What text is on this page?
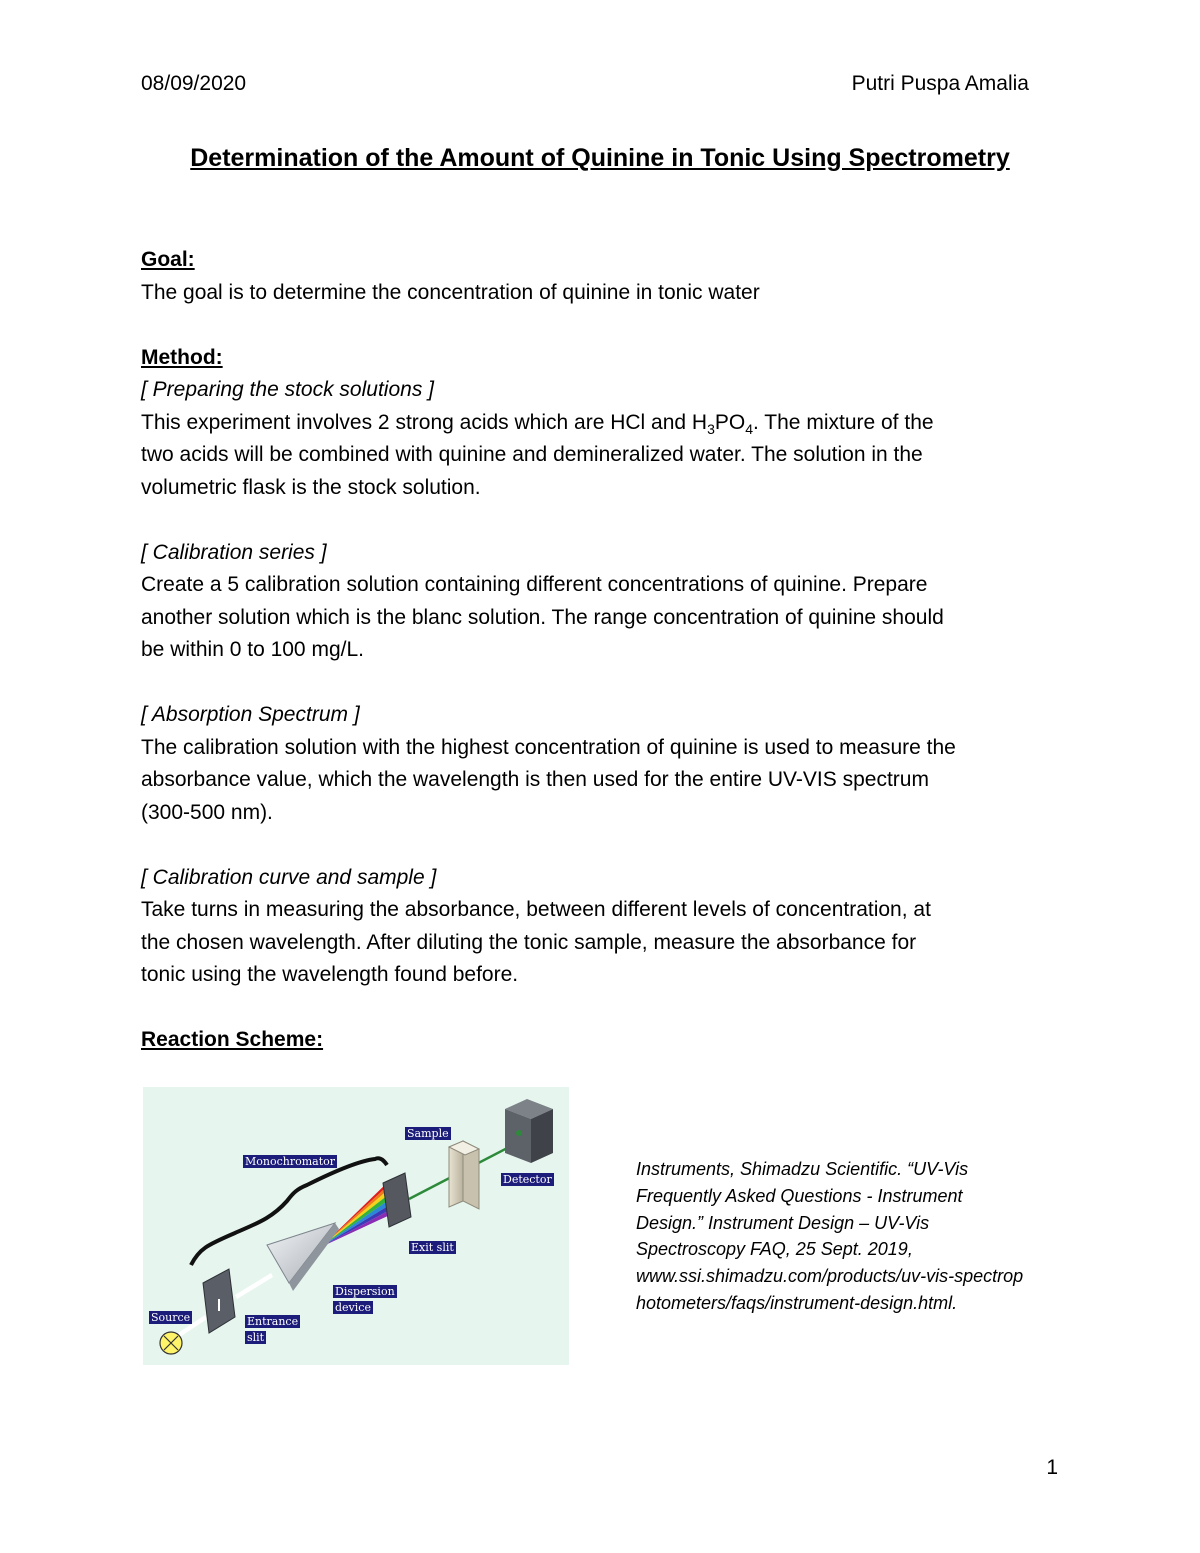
08/09/2020	Putri Puspa Amalia
Determination of the Amount of Quinine in Tonic Using Spectrometry

Goal:

The goal is to determine the concentration of quinine in tonic water

Method:

[ Preparing the stock solutions ]

This experiment involves 2 strong acids which are HCl and $H_3PO_4$. The mixture of the

two acids will be combined with quinine and demineralized water. The solution in the

volumetric flask is the stock solution.

[ Calibration series ]

Create a 5 calibration solution containing different concentrations of quinine. Prepare

another solution which is the blanc solution. The range concentration of quinine should

be within 0 to 100 mg/L.

[ Absorption Spectrum ]

The calibration solution with the highest concentration of quinine is used to measure the

absorbance value, which the wavelength is then used for the entire UV-VIS spectrum

(300-500 nm).

[ Calibration curve and sample ]

Take turns in measuring the absorbance, between different levels of concentration, at

the chosen wavelength. After diluting the tonic sample, measure the absorbance for

tonic using the wavelength found before.

Reaction Scheme:

Sample
Monochromator
Detector
Exit slit
Dispersion
device
Source	Entrance
slit

Instruments, Shimadzu Scientific. “UV-Vis

Frequently Asked Questions - Instrument

Design.” Instrument Design – UV-Vis

Spectroscopy FAQ, 25 Sept. 2019,

www.ssi.shimadzu.com/products/uv-vis-spectrop

hotometers/faqs/instrument-design.html.

1
